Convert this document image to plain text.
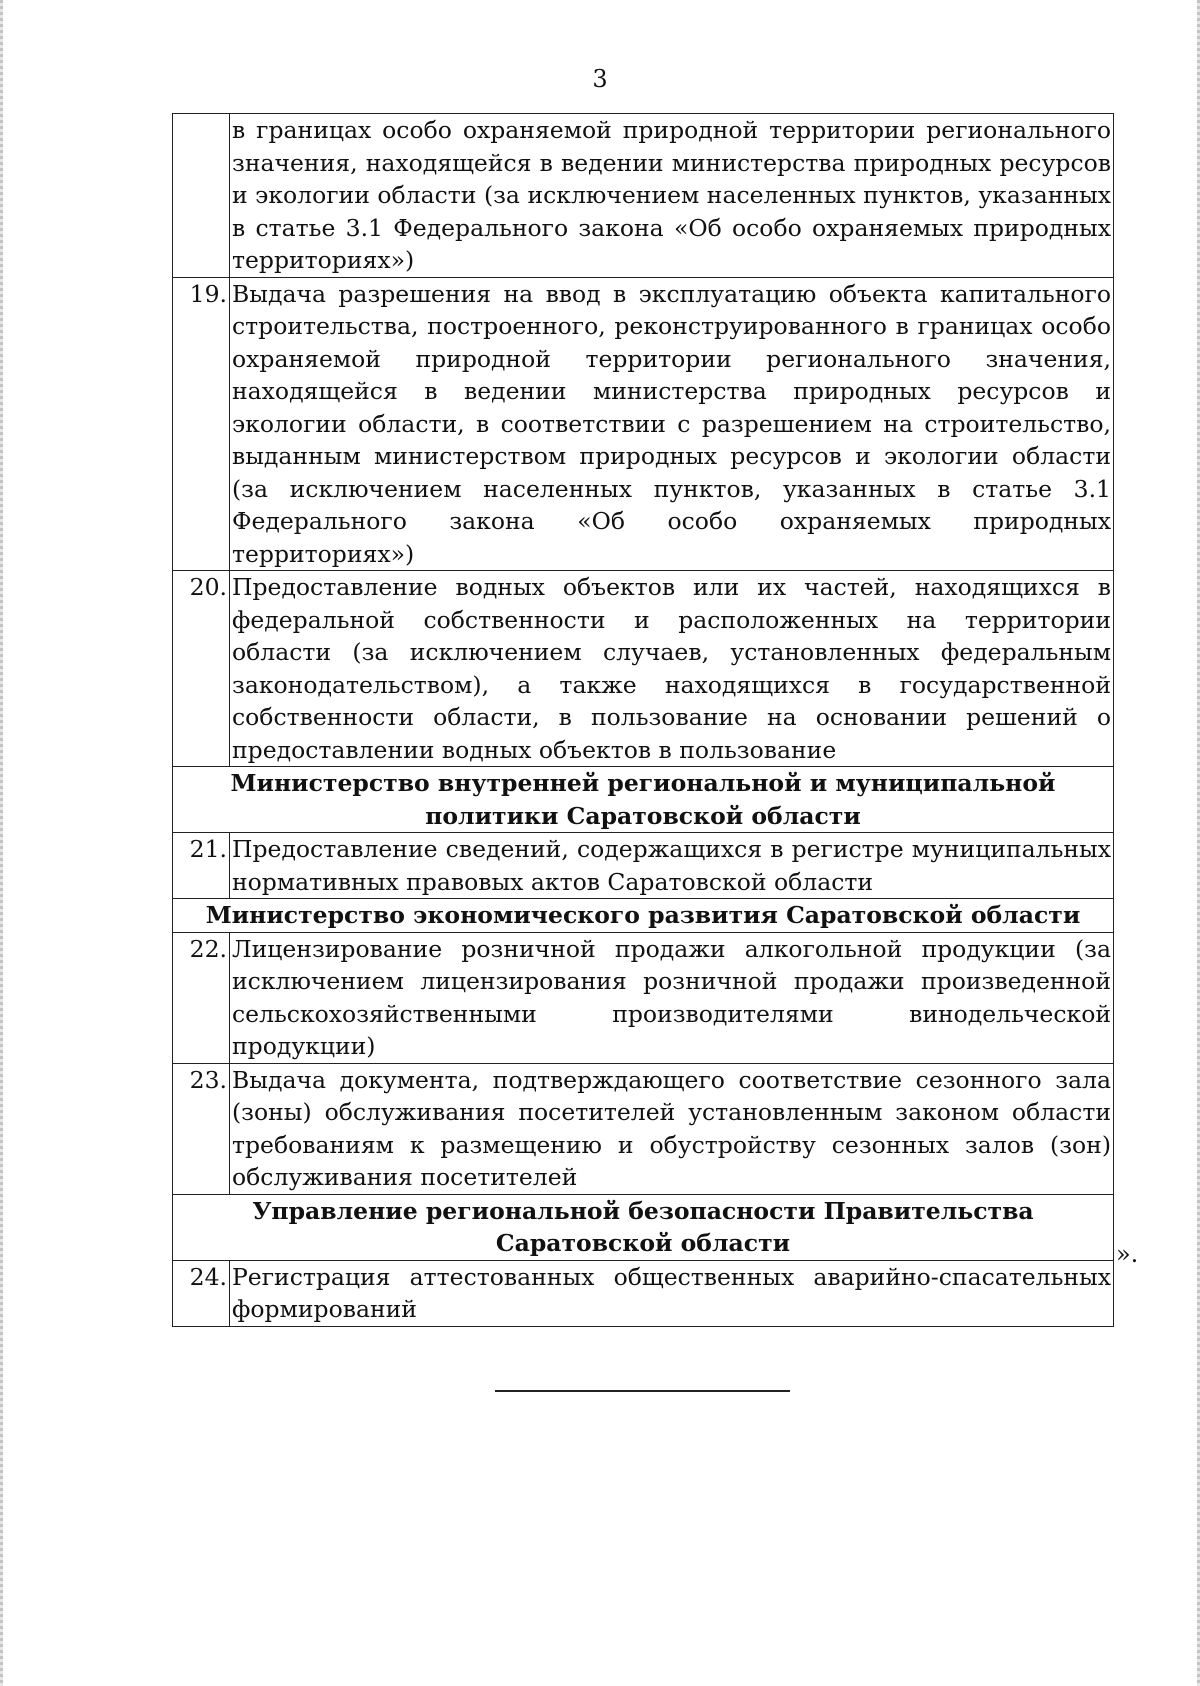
3
	в границах особо охраняемой природной территории регионального значения, находящейся в ведении министерства природных ресурсов и экологии области (за исключением населенных пунктов, указанных в статье 3.1 Федерального закона «Об особо охраняемых природных территориях»)
19.	Выдача разрешения на ввод в эксплуатацию объекта капитального строительства, построенного, реконструированного в границах особо охраняемой природной территории регионального значения, находящейся в ведении министерства природных ресурсов и экологии области, в соответствии с разрешением на строительство, выданным министерством природных ресурсов и экологии области (за исключением населенных пунктов, указанных в статье 3.1 Федерального закона «Об особо охраняемых природных территориях»)
20.	Предоставление водных объектов или их частей, находящихся в федеральной собственности и расположенных на территории области (за исключением случаев, установленных федеральным законодательством), а также находящихся в государственной собственности области, в пользование на основании решений о предоставлении водных объектов в пользование
Министерство внутренней региональной и муниципальной политики Саратовской области	
21.	Предоставление сведений, содержащихся в регистре муниципальных нормативных правовых актов Саратовской области
Министерство экономического развития Саратовской области	
22.	Лицензирование розничной продажи алкогольной продукции (за исключением лицензирования розничной продажи произведенной сельскохозяйственными производителями винодельческой продукции)
23.	Выдача документа, подтверждающего соответствие сезонного зала (зоны) обслуживания посетителей установленным законом области требованиям к размещению и обустройству сезонных залов (зон) обслуживания посетителей
Управление региональной безопасности Правительства Саратовской области	
24.	Регистрация аттестованных общественных аварийно-спасательных формирований
».
